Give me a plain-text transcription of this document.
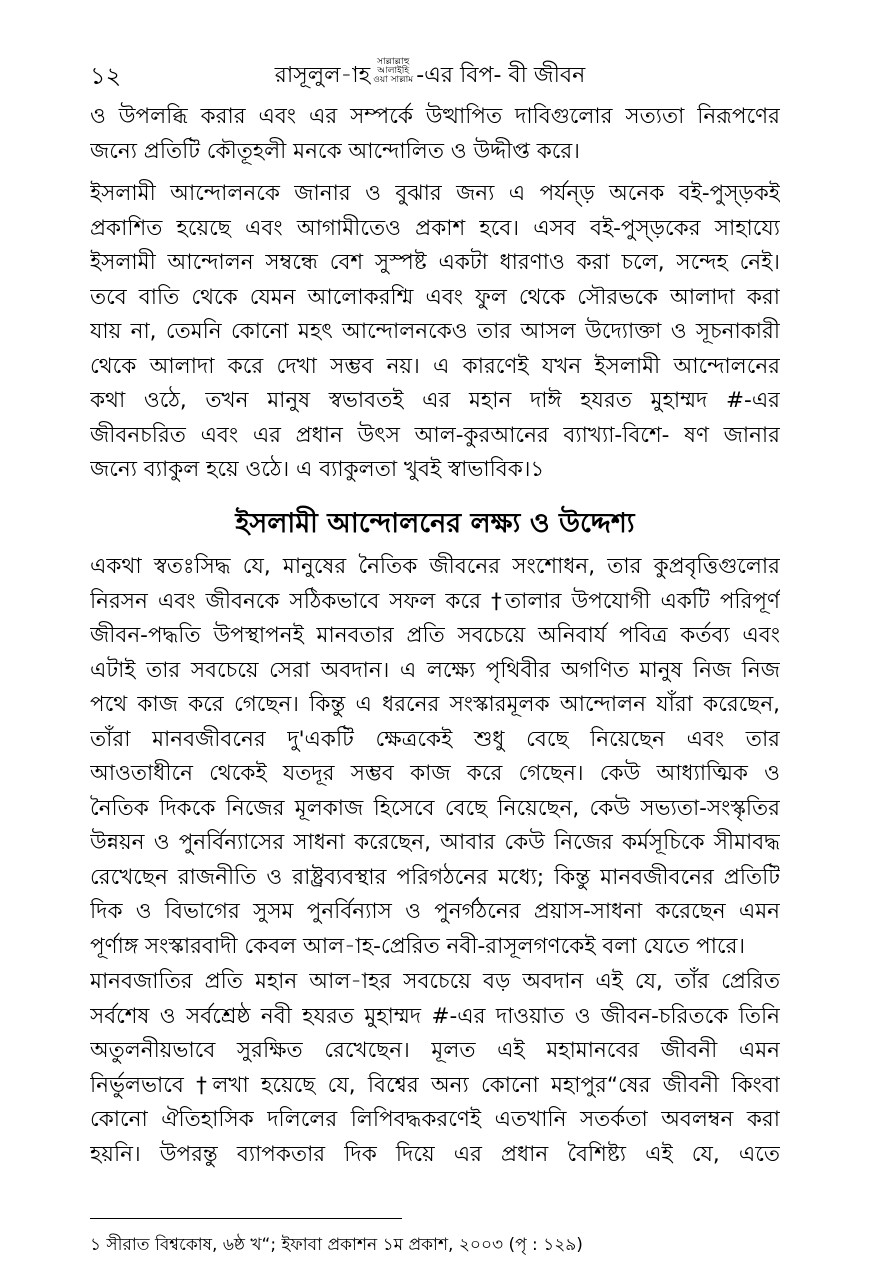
১২	রাসূলুল-াহসাল্লাল্লাহু আলাইহি ওয়া সাল্লাম -এর বিপ- বী জীবন
ও উপলব্ধি করার এবং এর সম্পর্কে উত্থাপিত দাবিগুলোর সত্যতা নিরূপণের
জন্যে প্রতিটি কৌতূহলী মনকে আন্দোলিত ও উদ্দীপ্ত করে।
ইসলামী আন্দোলনকে জানার ও বুঝার জন্য এ পর্যন্ড় অনেক বই-পুস্ড়কই
প্রকাশিত হয়েছে এবং আগামীতেও প্রকাশ হবে। এসব বই-পুস্ড়কের সাহায্যে
ইসলামী আন্দোলন সম্বন্ধে বেশ সুস্পষ্ট একটা ধারণাও করা চলে, সন্দেহ নেই।
তবে বাতি থেকে যেমন আলোকরশ্মি এবং ফুল থেকে সৌরভকে আলাদা করা
যায় না, তেমনি কোনো মহৎ আন্দোলনকেও তার আসল উদ্যোক্তা ও সূচনাকারী
থেকে আলাদা করে দেখা সম্ভব নয়। এ কারণেই যখন ইসলামী আন্দোলনের
কথা ওঠে, তখন মানুষ স্বভাবতই এর মহান দাঈ হযরত মুহাম্মদ #-এর
জীবনচরিত এবং এর প্রধান উৎস আল-কুরআনের ব্যাখ্যা-বিশে- ষণ জানার
জন্যে ব্যাকুল হয়ে ওঠে। এ ব্যাকুলতা খুবই স্বাভাবিক।১
একথা স্বতঃসিদ্ধ যে, মানুষের নৈতিক জীবনের সংশোধন, তার কুপ্রবৃত্তিগুলোর
নিরসন এবং জীবনকে সঠিকভাবে সফল করে †তালার উপযোগী একটি পরিপূর্ণ
জীবন-পদ্ধতি উপস্থাপনই মানবতার প্রতি সবচেয়ে অনিবার্য পবিত্র কর্তব্য এবং
এটাই তার সবচেয়ে সেরা অবদান। এ লক্ষ্যে পৃথিবীর অগণিত মানুষ নিজ নিজ
পথে কাজ করে গেছেন। কিন্তু এ ধরনের সংস্কারমূলক আন্দোলন যাঁরা করেছেন,
তাঁরা মানবজীবনের দু'একটি ক্ষেত্রকেই শুধু বেছে নিয়েছেন এবং তার
আওতাধীনে থেকেই যতদূর সম্ভব কাজ করে গেছেন। কেউ আধ্যাত্মিক ও
নৈতিক দিককে নিজের মূলকাজ হিসেবে বেছে নিয়েছেন, কেউ সভ্যতা-সংস্কৃতির
উন্নয়ন ও পুনর্বিন্যাসের সাধনা করেছেন, আবার কেউ নিজের কর্মসূচিকে সীমাবদ্ধ
রেখেছেন রাজনীতি ও রাষ্ট্রব্যবস্থার পরিগঠনের মধ্যে; কিন্তু মানবজীবনের প্রতিটি
দিক ও বিভাগের সুসম পুনর্বিন্যাস ও পুনর্গঠনের প্রয়াস-সাধনা করেছেন এমন
পূর্ণাঙ্গ সংস্কারবাদী কেবল আল-াহ-প্রেরিত নবী-রাসূলগণকেই বলা যেতে পারে।
মানবজাতির প্রতি মহান আল-াহর সবচেয়ে বড় অবদান এই যে, তাঁর প্রেরিত
সর্বশেষ ও সর্বশ্রেষ্ঠ নবী হযরত মুহাম্মদ #-এর দাওয়াত ও জীবন-চরিতকে তিনি
অতুলনীয়ভাবে সুরক্ষিত রেখেছেন। মূলত এই মহামানবের জীবনী এমন
নির্ভুলভাবে †লখা হয়েছে যে, বিশ্বের অন্য কোনো মহাপুর“ষের জীবনী কিংবা
কোনো ঐতিহাসিক দলিলের লিপিবদ্ধকরণেই এতখানি সতর্কতা অবলম্বন করা
হয়নি। উপরন্তু ব্যাপকতার দিক দিয়ে এর প্রধান বৈশিষ্ট্য এই যে, এতে
ইসলামী আন্দোলনের লক্ষ্য ও উদ্দেশ্য
১ সীরাত বিশ্বকোষ, ৬ষ্ঠ খ“; ইফাবা প্রকাশন ১ম প্রকাশ, ২০০৩ (পৃ : ১২৯)
